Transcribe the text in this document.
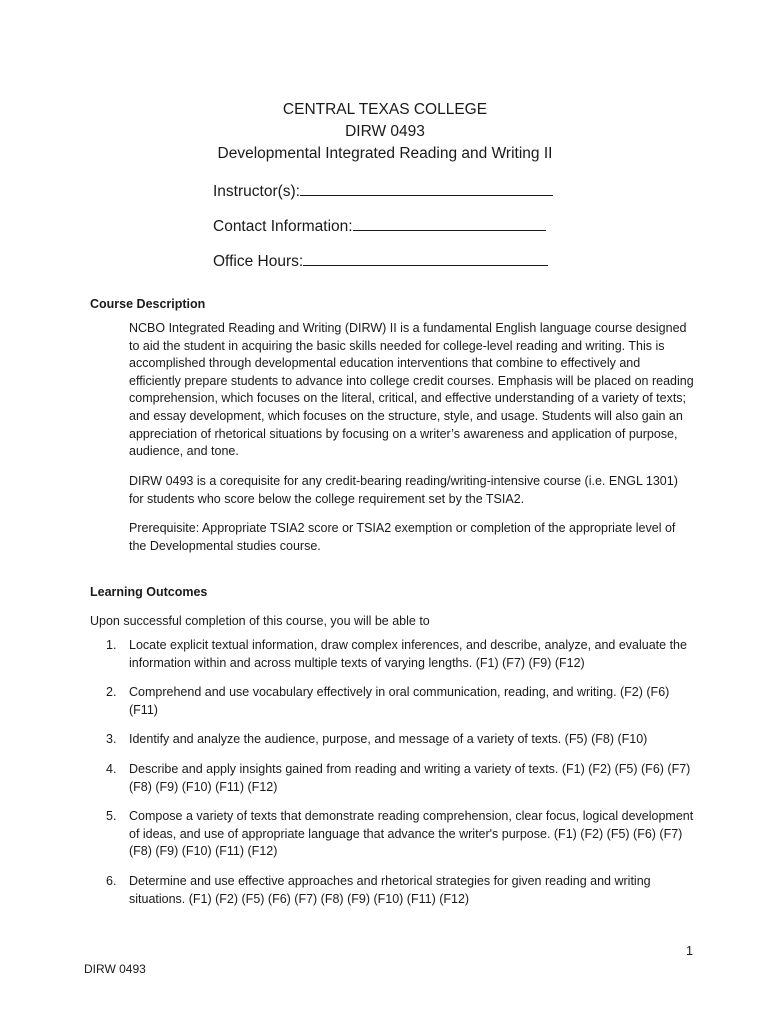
CENTRAL TEXAS COLLEGE
DIRW 0493
Developmental Integrated Reading and Writing II
Instructor(s):
Contact Information:
Office Hours:
Course Description
NCBO Integrated Reading and Writing (DIRW) II is a fundamental English language course designed to aid the student in acquiring the basic skills needed for college-level reading and writing. This is accomplished through developmental education interventions that combine to effectively and efficiently prepare students to advance into college credit courses. Emphasis will be placed on reading comprehension, which focuses on the literal, critical, and effective understanding of a variety of texts; and essay development, which focuses on the structure, style, and usage. Students will also gain an appreciation of rhetorical situations by focusing on a writer’s awareness and application of purpose, audience, and tone.
DIRW 0493 is a corequisite for any credit-bearing reading/writing-intensive course (i.e. ENGL 1301) for students who score below the college requirement set by the TSIA2.
Prerequisite: Appropriate TSIA2 score or TSIA2 exemption or completion of the appropriate level of the Developmental studies course.
Learning Outcomes
Upon successful completion of this course, you will be able to
1. Locate explicit textual information, draw complex inferences, and describe, analyze, and evaluate the information within and across multiple texts of varying lengths. (F1) (F7) (F9) (F12)
2. Comprehend and use vocabulary effectively in oral communication, reading, and writing. (F2) (F6) (F11)
3. Identify and analyze the audience, purpose, and message of a variety of texts. (F5) (F8) (F10)
4. Describe and apply insights gained from reading and writing a variety of texts. (F1) (F2) (F5) (F6) (F7) (F8) (F9) (F10) (F11) (F12)
5. Compose a variety of texts that demonstrate reading comprehension, clear focus, logical development of ideas, and use of appropriate language that advance the writer's purpose. (F1) (F2) (F5) (F6) (F7) (F8) (F9) (F10) (F11) (F12)
6. Determine and use effective approaches and rhetorical strategies for given reading and writing situations. (F1) (F2) (F5) (F6) (F7) (F8) (F9) (F10) (F11) (F12)
1
DIRW 0493
